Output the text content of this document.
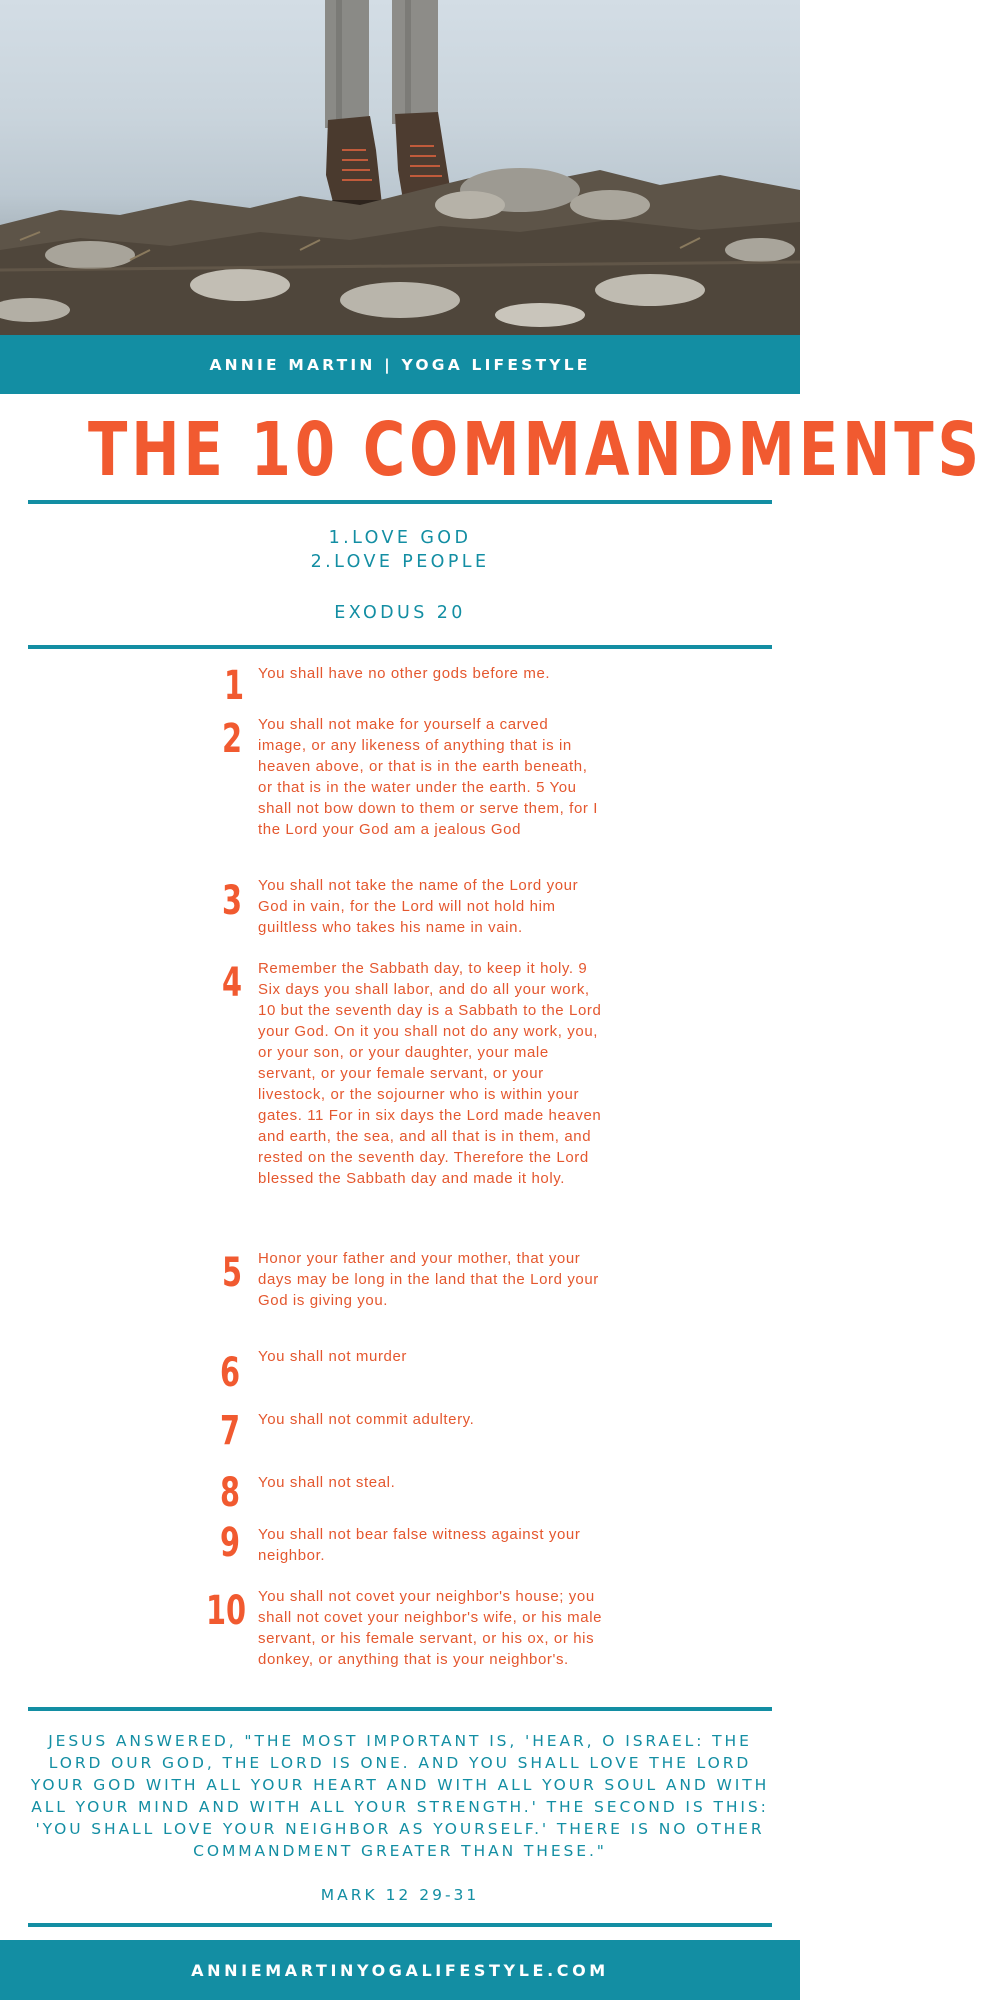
ANNIE MARTIN | YOGA LIFESTYLE
THE 10 COMMANDMENTS
1.LOVE GOD
2.LOVE PEOPLE
EXODUS 20
1 You shall have no other gods before me.
2	You shall not make for yourself a carved image, or any likeness of anything that is in heaven above, or that is in the earth beneath, or that is in the water under the earth. 5 You shall not bow down to them or serve them, for I the Lord your God am a jealous God
3	You shall not take the name of the Lord your God in vain, for the Lord will not hold him guiltless who takes his name in vain.
4	Remember the Sabbath day, to keep it holy. 9 Six days you shall labor, and do all your work, 10 but the seventh day is a Sabbath to the Lord your God. On it you shall not do any work, you, or your son, or your daughter, your male servant, or your female servant, or your livestock, or the sojourner who is within your gates. 11 For in six days the Lord made heaven and earth, the sea, and all that is in them, and rested on the seventh day. Therefore the Lord blessed the Sabbath day and made it holy.
5	Honor your father and your mother, that your days may be long in the land that the Lord your God is giving you.
6	You shall not murder
7	You shall not commit adultery.
8	You shall not steal.
9	You shall not bear false witness against your neighbor.
10 You shall not covet your neighbor's house; you shall not covet your neighbor's wife, or his male servant, or his female servant, or his ox, or his donkey, or anything that is your neighbor's.

JESUS ANSWERED, "THE MOST IMPORTANT IS, 'HEAR, O ISRAEL: THE LORD OUR GOD, THE LORD IS ONE. AND YOU SHALL LOVE THE LORD YOUR GOD WITH ALL YOUR HEART AND WITH ALL YOUR SOUL AND WITH ALL YOUR MIND AND WITH ALL YOUR STRENGTH.' THE SECOND IS THIS: 'YOU SHALL LOVE YOUR NEIGHBOR AS YOURSELF.' THERE IS NO OTHER COMMANDMENT GREATER THAN THESE."

MARK 12 29-31
ANNIEMARTINYOGALIFESTYLE.COM
